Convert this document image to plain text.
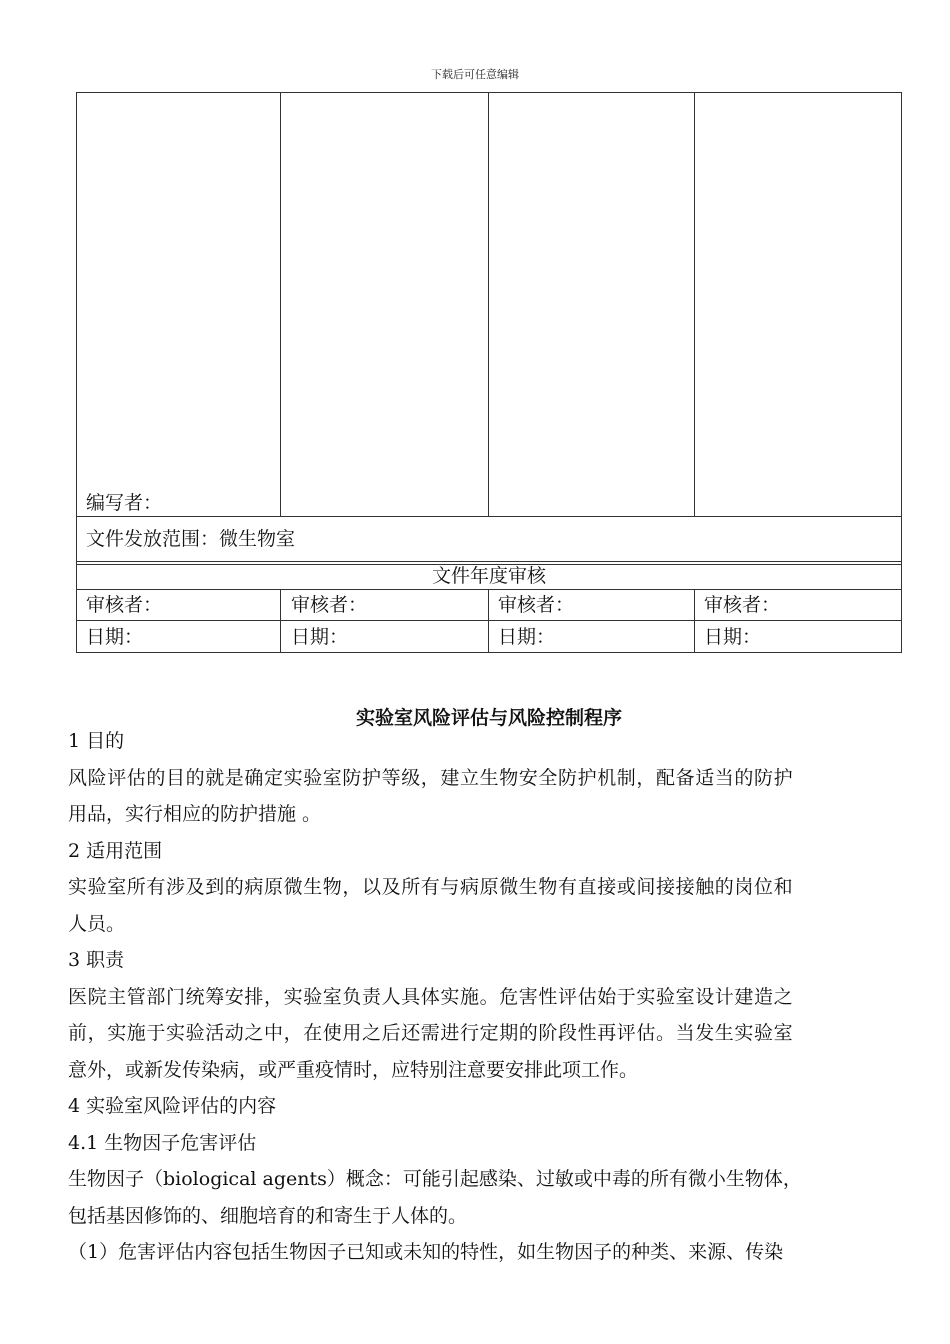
下载后可任意编辑
编写者：
文件发放范围：微生物室
文件年度审核
审核者：	审核者：	审核者：	审核者：
日期：	日期：	日期：	日期：
实验室风险评估与风险控制程序

1 目的

风险评估的目的就是确定实验室防护等级，建立生物安全防护机制，配备适当的防护

用品，实行相应的防护措施 。

2 适用范围

实验室所有涉及到的病原微生物，以及所有与病原微生物有直接或间接接触的岗位和

人员。

3 职责

医院主管部门统筹安排，实验室负责人具体实施。危害性评估始于实验室设计建造之

前，实施于实验活动之中，在使用之后还需进行定期的阶段性再评估。当发生实验室

意外，或新发传染病，或严重疫情时，应特别注意要安排此项工作。

4 实验室风险评估的内容

4.1 生物因子危害评估

生物因子（biological agents）概念：可能引起感染、过敏或中毒的所有微小生物体，

包括基因修饰的、细胞培育的和寄生于人体的。

（1）危害评估内容包括生物因子已知或未知的特性，如生物因子的种类、来源、传染
